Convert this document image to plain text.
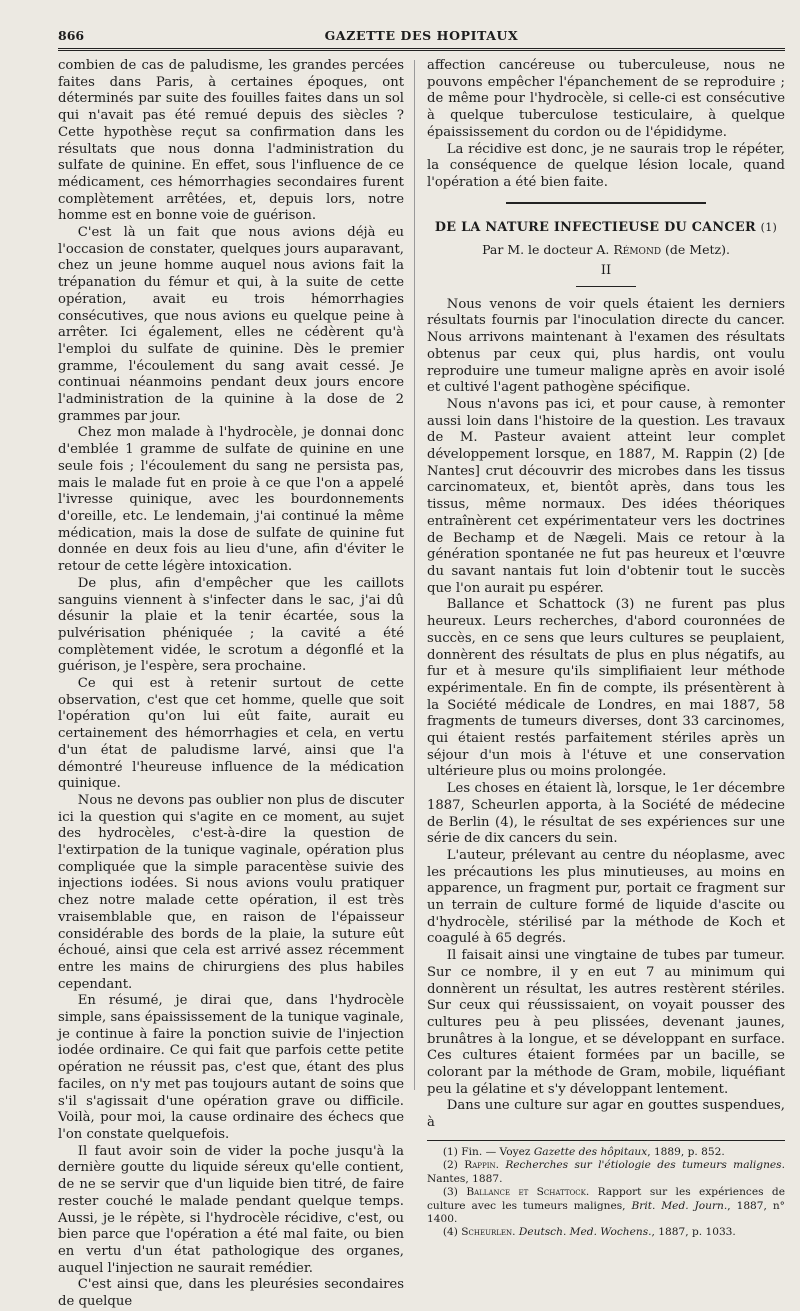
866	GAZETTE DES HOPITAUX

combien de cas de paludisme, les grandes percées faites dans Paris, à certaines époques, ont déterminés par suite des fouilles faites dans un sol qui n'avait pas été remué depuis des siècles ? Cette hypothèse reçut sa confirmation dans les résultats que nous donna l'administration du sulfate de quinine. En effet, sous l'influence de ce médicament, ces hémorrhagies secondaires furent complètement arrêtées, et, depuis lors, notre homme est en bonne voie de guérison.

C'est là un fait que nous avions déjà eu l'occasion de constater, quelques jours auparavant, chez un jeune homme auquel nous avions fait la trépanation du fémur et qui, à la suite de cette opération, avait eu trois hémorrhagies consécutives, que nous avions eu quelque peine à arrêter. Ici également, elles ne cédèrent qu'à l'emploi du sulfate de quinine. Dès le premier gramme, l'écoulement du sang avait cessé. Je continuai néanmoins pendant deux jours encore l'administration de la quinine à la dose de 2 grammes par jour.

Chez mon malade à l'hydrocèle, je donnai donc d'emblée 1 gramme de sulfate de quinine en une seule fois ; l'écoulement du sang ne persista pas, mais le malade fut en proie à ce que l'on a appelé l'ivresse quinique, avec les bourdonnements d'oreille, etc. Le lendemain, j'ai continué la même médication, mais la dose de sulfate de quinine fut donnée en deux fois au lieu d'une, afin d'éviter le retour de cette légère intoxication.

De plus, afin d'empêcher que les caillots sanguins viennent à s'infecter dans le sac, j'ai dû désunir la plaie et la tenir écartée, sous la pulvérisation phéniquée ; la cavité a été complètement vidée, le scrotum a dégonflé et la guérison, je l'espère, sera prochaine.

Ce qui est à retenir surtout de cette observation, c'est que cet homme, quelle que soit l'opération qu'on lui eût faite, aurait eu certainement des hémorrhagies et cela, en vertu d'un état de paludisme larvé, ainsi que l'a démontré l'heureuse influence de la médication quinique.

Nous ne devons pas oublier non plus de discuter ici la question qui s'agite en ce moment, au sujet des hydrocèles, c'est-à-dire la question de l'extirpation de la tunique vaginale, opération plus compliquée que la simple paracentèse suivie des injections iodées. Si nous avions voulu pratiquer chez notre malade cette opération, il est très vraisemblable que, en raison de l'épaisseur considérable des bords de la plaie, la suture eût échoué, ainsi que cela est arrivé assez récemment entre les mains de chirurgiens des plus habiles cependant.

En résumé, je dirai que, dans l'hydrocèle simple, sans épaississement de la tunique vaginale, je continue à faire la ponction suivie de l'injection iodée ordinaire. Ce qui fait que parfois cette petite opération ne réussit pas, c'est que, étant des plus faciles, on n'y met pas toujours autant de soins que s'il s'agissait d'une opération grave ou difficile. Voilà, pour moi, la cause ordinaire des échecs que l'on constate quelquefois.

Il faut avoir soin de vider la poche jusqu'à la dernière goutte du liquide séreux qu'elle contient, de ne se servir que d'un liquide bien titré, de faire rester couché le malade pendant quelque temps. Aussi, je le répète, si l'hydrocèle récidive, c'est, ou bien parce que l'opération a été mal faite, ou bien en vertu d'un état pathologique des organes, auquel l'injection ne saurait remédier.

C'est ainsi que, dans les pleurésies secondaires de quelque

affection cancéreuse ou tuberculeuse, nous ne pouvons empêcher l'épanchement de se reproduire ; de même pour l'hydrocèle, si celle-ci est consécutive à quelque tuberculose testiculaire, à quelque épaississement du cordon ou de l'épididyme.

La récidive est donc, je ne saurais trop le répéter, la conséquence de quelque lésion locale, quand l'opération a été bien faite.

DE LA NATURE INFECTIEUSE DU CANCER (1)
Par M. le docteur A. Rémond (de Metz).
II

Nous venons de voir quels étaient les derniers résultats fournis par l'inoculation directe du cancer. Nous arrivons maintenant à l'examen des résultats obtenus par ceux qui, plus hardis, ont voulu reproduire une tumeur maligne après en avoir isolé et cultivé l'agent pathogène spécifique.

Nous n'avons pas ici, et pour cause, à remonter aussi loin dans l'histoire de la question. Les travaux de M. Pasteur avaient atteint leur complet développement lorsque, en 1887, M. Rappin (2) [de Nantes] crut découvrir des microbes dans les tissus carcinomateux, et, bientôt après, dans tous les tissus, même normaux. Des idées théoriques entraînèrent cet expérimentateur vers les doctrines de Bechamp et de Nægeli. Mais ce retour à la génération spontanée ne fut pas heureux et l'œuvre du savant nantais fut loin d'obtenir tout le succès que l'on aurait pu espérer.

Ballance et Schattock (3) ne furent pas plus heureux. Leurs recherches, d'abord couronnées de succès, en ce sens que leurs cultures se peuplaient, donnèrent des résultats de plus en plus négatifs, au fur et à mesure qu'ils simplifiaient leur méthode expérimentale. En fin de compte, ils présentèrent à la Société médicale de Londres, en mai 1887, 58 fragments de tumeurs diverses, dont 33 carcinomes, qui étaient restés parfaitement stériles après un séjour d'un mois à l'étuve et une conservation ultérieure plus ou moins prolongée.

Les choses en étaient là, lorsque, le 1er décembre 1887, Scheurlen apporta, à la Société de médecine de Berlin (4), le résultat de ses expériences sur une série de dix cancers du sein.

L'auteur, prélevant au centre du néoplasme, avec les précautions les plus minutieuses, au moins en apparence, un fragment pur, portait ce fragment sur un terrain de culture formé de liquide d'ascite ou d'hydrocèle, stérilisé par la méthode de Koch et coagulé à 65 degrés.

Il faisait ainsi une vingtaine de tubes par tumeur. Sur ce nombre, il y en eut 7 au minimum qui donnèrent un résultat, les autres restèrent stériles. Sur ceux qui réussissaient, on voyait pousser des cultures peu à peu plissées, devenant jaunes, brunâtres à la longue, et se développant en surface. Ces cultures étaient formées par un bacille, se colorant par la méthode de Gram, mobile, liquéfiant peu la gélatine et s'y développant lentement.

Dans une culture sur agar en gouttes suspendues, à

(1) Fin. — Voyez Gazette des hôpitaux, 1889, p. 852.

(2) Rappin. Recherches sur l'étiologie des tumeurs malignes. Nantes, 1887.

(3) Ballance et Schattock. Rapport sur les expériences de culture avec les tumeurs malignes, Brit. Med. Journ., 1887, n° 1400.

(4) Scheurlen. Deutsch. Med. Wochens., 1887, p. 1033.
